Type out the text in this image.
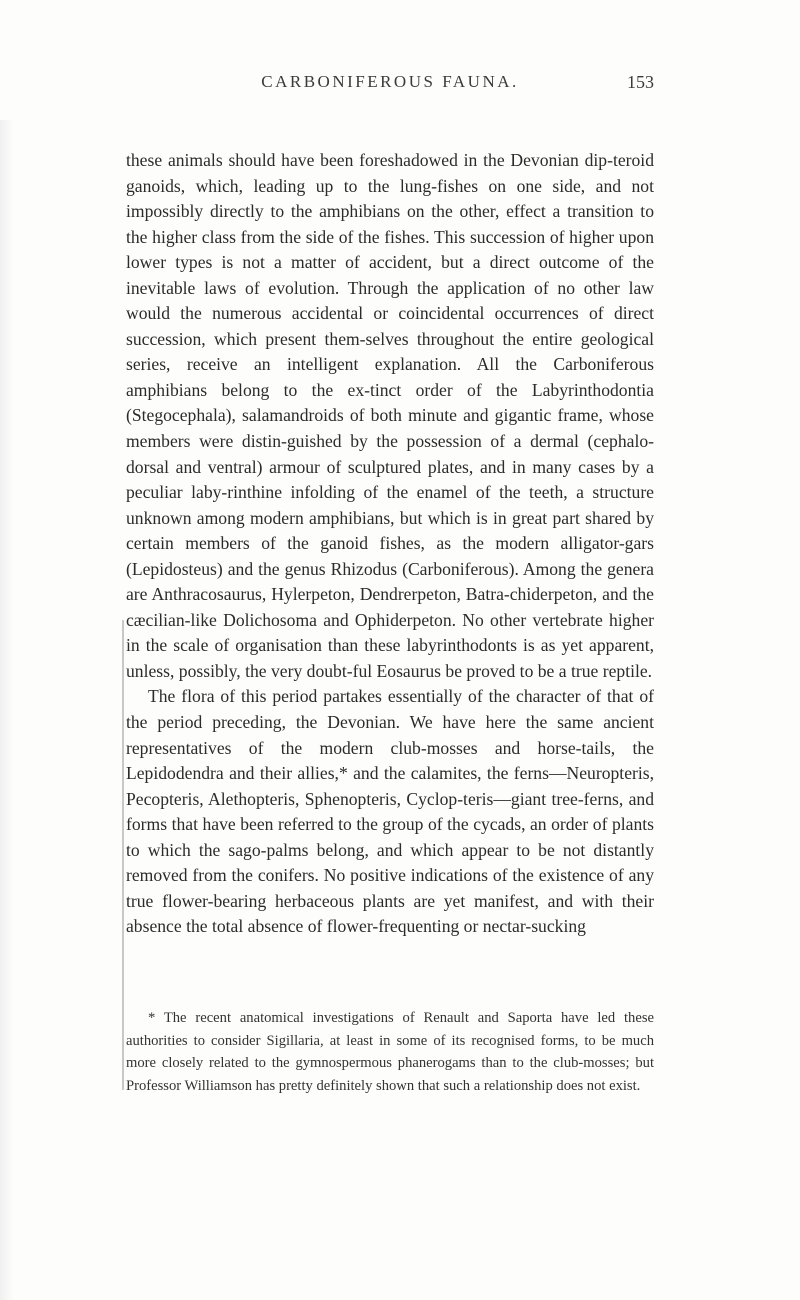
CARBONIFEROUS FAUNA.	153

these animals should have been foreshadowed in the Devonian dip-teroid ganoids, which, leading up to the lung-fishes on one side, and not impossibly directly to the amphibians on the other, effect a transition to the higher class from the side of the fishes. This succession of higher upon lower types is not a matter of accident, but a direct outcome of the inevitable laws of evolution. Through the application of no other law would the numerous accidental or coincidental occurrences of direct succession, which present them-selves throughout the entire geological series, receive an intelligent explanation. All the Carboniferous amphibians belong to the ex-tinct order of the Labyrinthodontia (Stegocephala), salamandroids of both minute and gigantic frame, whose members were distin-guished by the possession of a dermal (cephalo-dorsal and ventral) armour of sculptured plates, and in many cases by a peculiar laby-rinthine infolding of the enamel of the teeth, a structure unknown among modern amphibians, but which is in great part shared by certain members of the ganoid fishes, as the modern alligator-gars (Lepidosteus) and the genus Rhizodus (Carboniferous). Among the genera are Anthracosaurus, Hylerpeton, Dendrerpeton, Batra-chiderpeton, and the cæcilian-like Dolichosoma and Ophiderpeton. No other vertebrate higher in the scale of organisation than these labyrinthodonts is as yet apparent, unless, possibly, the very doubt-ful Eosaurus be proved to be a true reptile.

The flora of this period partakes essentially of the character of that of the period preceding, the Devonian. We have here the same ancient representatives of the modern club-mosses and horse-tails, the Lepidodendra and their allies,* and the calamites, the ferns—Neuropteris, Pecopteris, Alethopteris, Sphenopteris, Cyclop-teris—giant tree-ferns, and forms that have been referred to the group of the cycads, an order of plants to which the sago-palms belong, and which appear to be not distantly removed from the conifers. No positive indications of the existence of any true flower-bearing herbaceous plants are yet manifest, and with their absence the total absence of flower-frequenting or nectar-sucking

* The recent anatomical investigations of Renault and Saporta have led these authorities to consider Sigillaria, at least in some of its recognised forms, to be much more closely related to the gymnospermous phanerogams than to the club-mosses; but Professor Williamson has pretty definitely shown that such a relationship does not exist.
